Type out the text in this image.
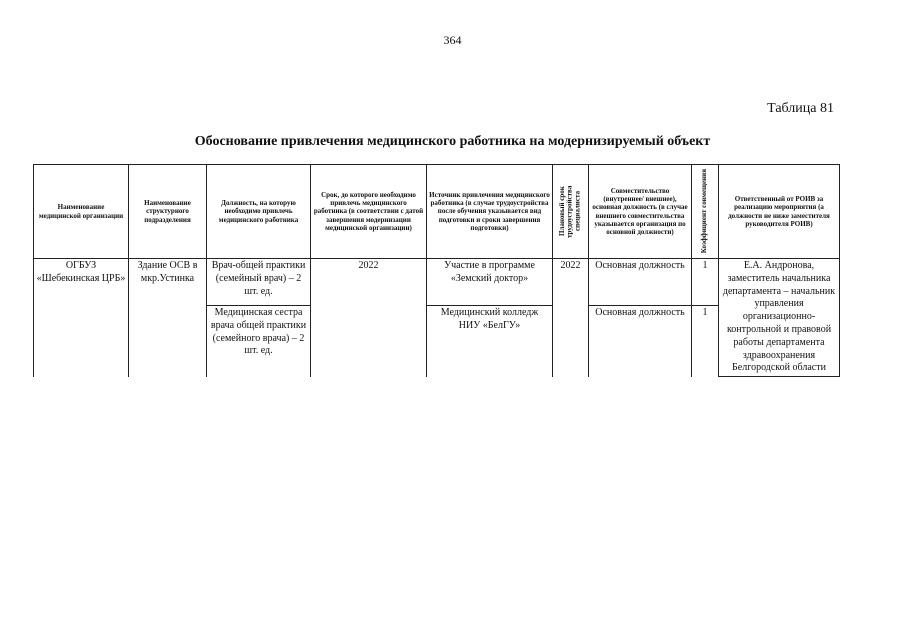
364
Таблица 81
Обоснование привлечения медицинского работника на модернизируемый объект
Наименование медицинской организации	Наименование структурного подразделения	Должность, на которую необходимо привлечь медицинского работника	Срок, до которого необходимо привлечь медицинского работника (в соответствии с датой завершения модернизации медицинской организации)	Источник привлечения медицинского работника (в случае трудоустройства после обучения указывается вид подготовки и сроки завершения подготовки)	Плановый срок трудоустройства специалиста	Совместительство (внутреннее/ внешнее), основная должность (в случае внешнего совместительства указывается организация по основной должности)	Коэффициент совмещения	Ответственный от РОИВ за реализацию мероприятия (а должности не ниже заместителя руководителя РОИВ)
ОГБУЗ «Шебекинская ЦРБ»	Здание ОСВ в мкр.Устинка	Врач-общей практики (семейный врач) – 2 шт. ед.	2022	Участие в программе «Земский доктор»	2022	Основная должность	1	Е.А. Андронова, заместитель начальника департамента – начальник управления организационно-контрольной и правовой работы департамента здравоохранения Белгородской области
		Медицинская сестра врача общей практики (семейного врача) – 2 шт. ед.		Медицинский колледж НИУ «БелГУ»		Основная должность	1	
